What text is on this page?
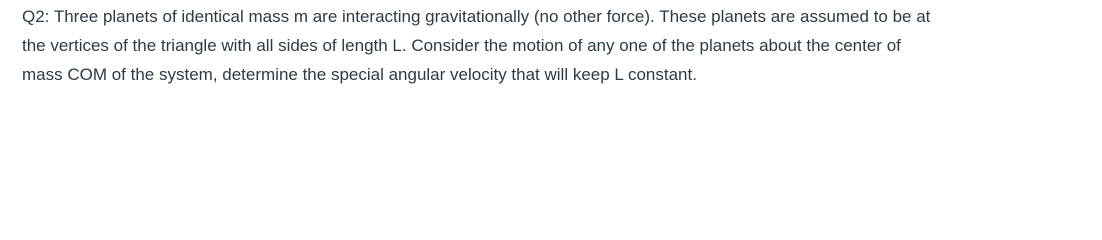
Q2: Three planets of identical mass m are interacting gravitationally (no other force). These planets are assumed to be at
the vertices of the triangle with all sides of length L. Consider the motion of any one of the planets about the center of
mass COM of the system, determine the special angular velocity that will keep L constant.
